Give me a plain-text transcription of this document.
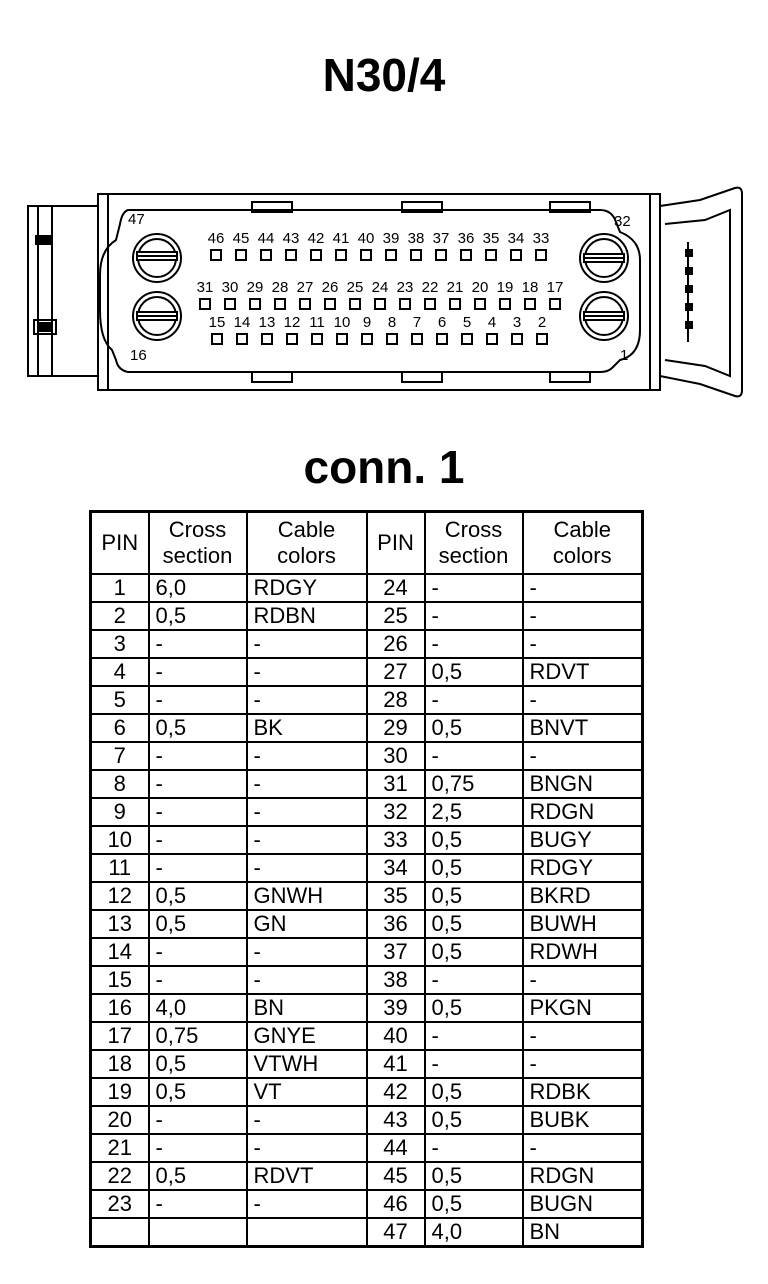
N30/4
46 45 44 43 42 41 40 39 38 37 36 35 34 33
31 30 29 28 27 26 25 24 23 22 21 20 19 18 17
15 14 13 12 11 10 9 8 7 6 5 4 3 2
47	32
16	1
conn. 1
PIN	Cross
section	Cable
colors	PIN	Cross
section	Cable
colors
1	6,0	RDGY	24	-	-
2	0,5	RDBN	25	-	-
3	-	-	26	-	-
4	-	-	27	0,5	RDVT
5	-	-	28	-	-
6	0,5	BK	29	0,5	BNVT
7	-	-	30	-	-
8	-	-	31	0,75	BNGN
9	-	-	32	2,5	RDGN
10	-	-	33	0,5	BUGY
11	-	-	34	0,5	RDGY
12	0,5	GNWH	35	0,5	BKRD
13	0,5	GN	36	0,5	BUWH
14	-	-	37	0,5	RDWH
15	-	-	38	-	-
16	4,0	BN	39	0,5	PKGN
17	0,75	GNYE	40	-	-
18	0,5	VTWH	41	-	-
19	0,5	VT	42	0,5	RDBK
20	-	-	43	0,5	BUBK
21	-	-	44	-	-
22	0,5	RDVT	45	0,5	RDGN
23	-	-	46	0,5	BUGN
			47	4,0	BN
